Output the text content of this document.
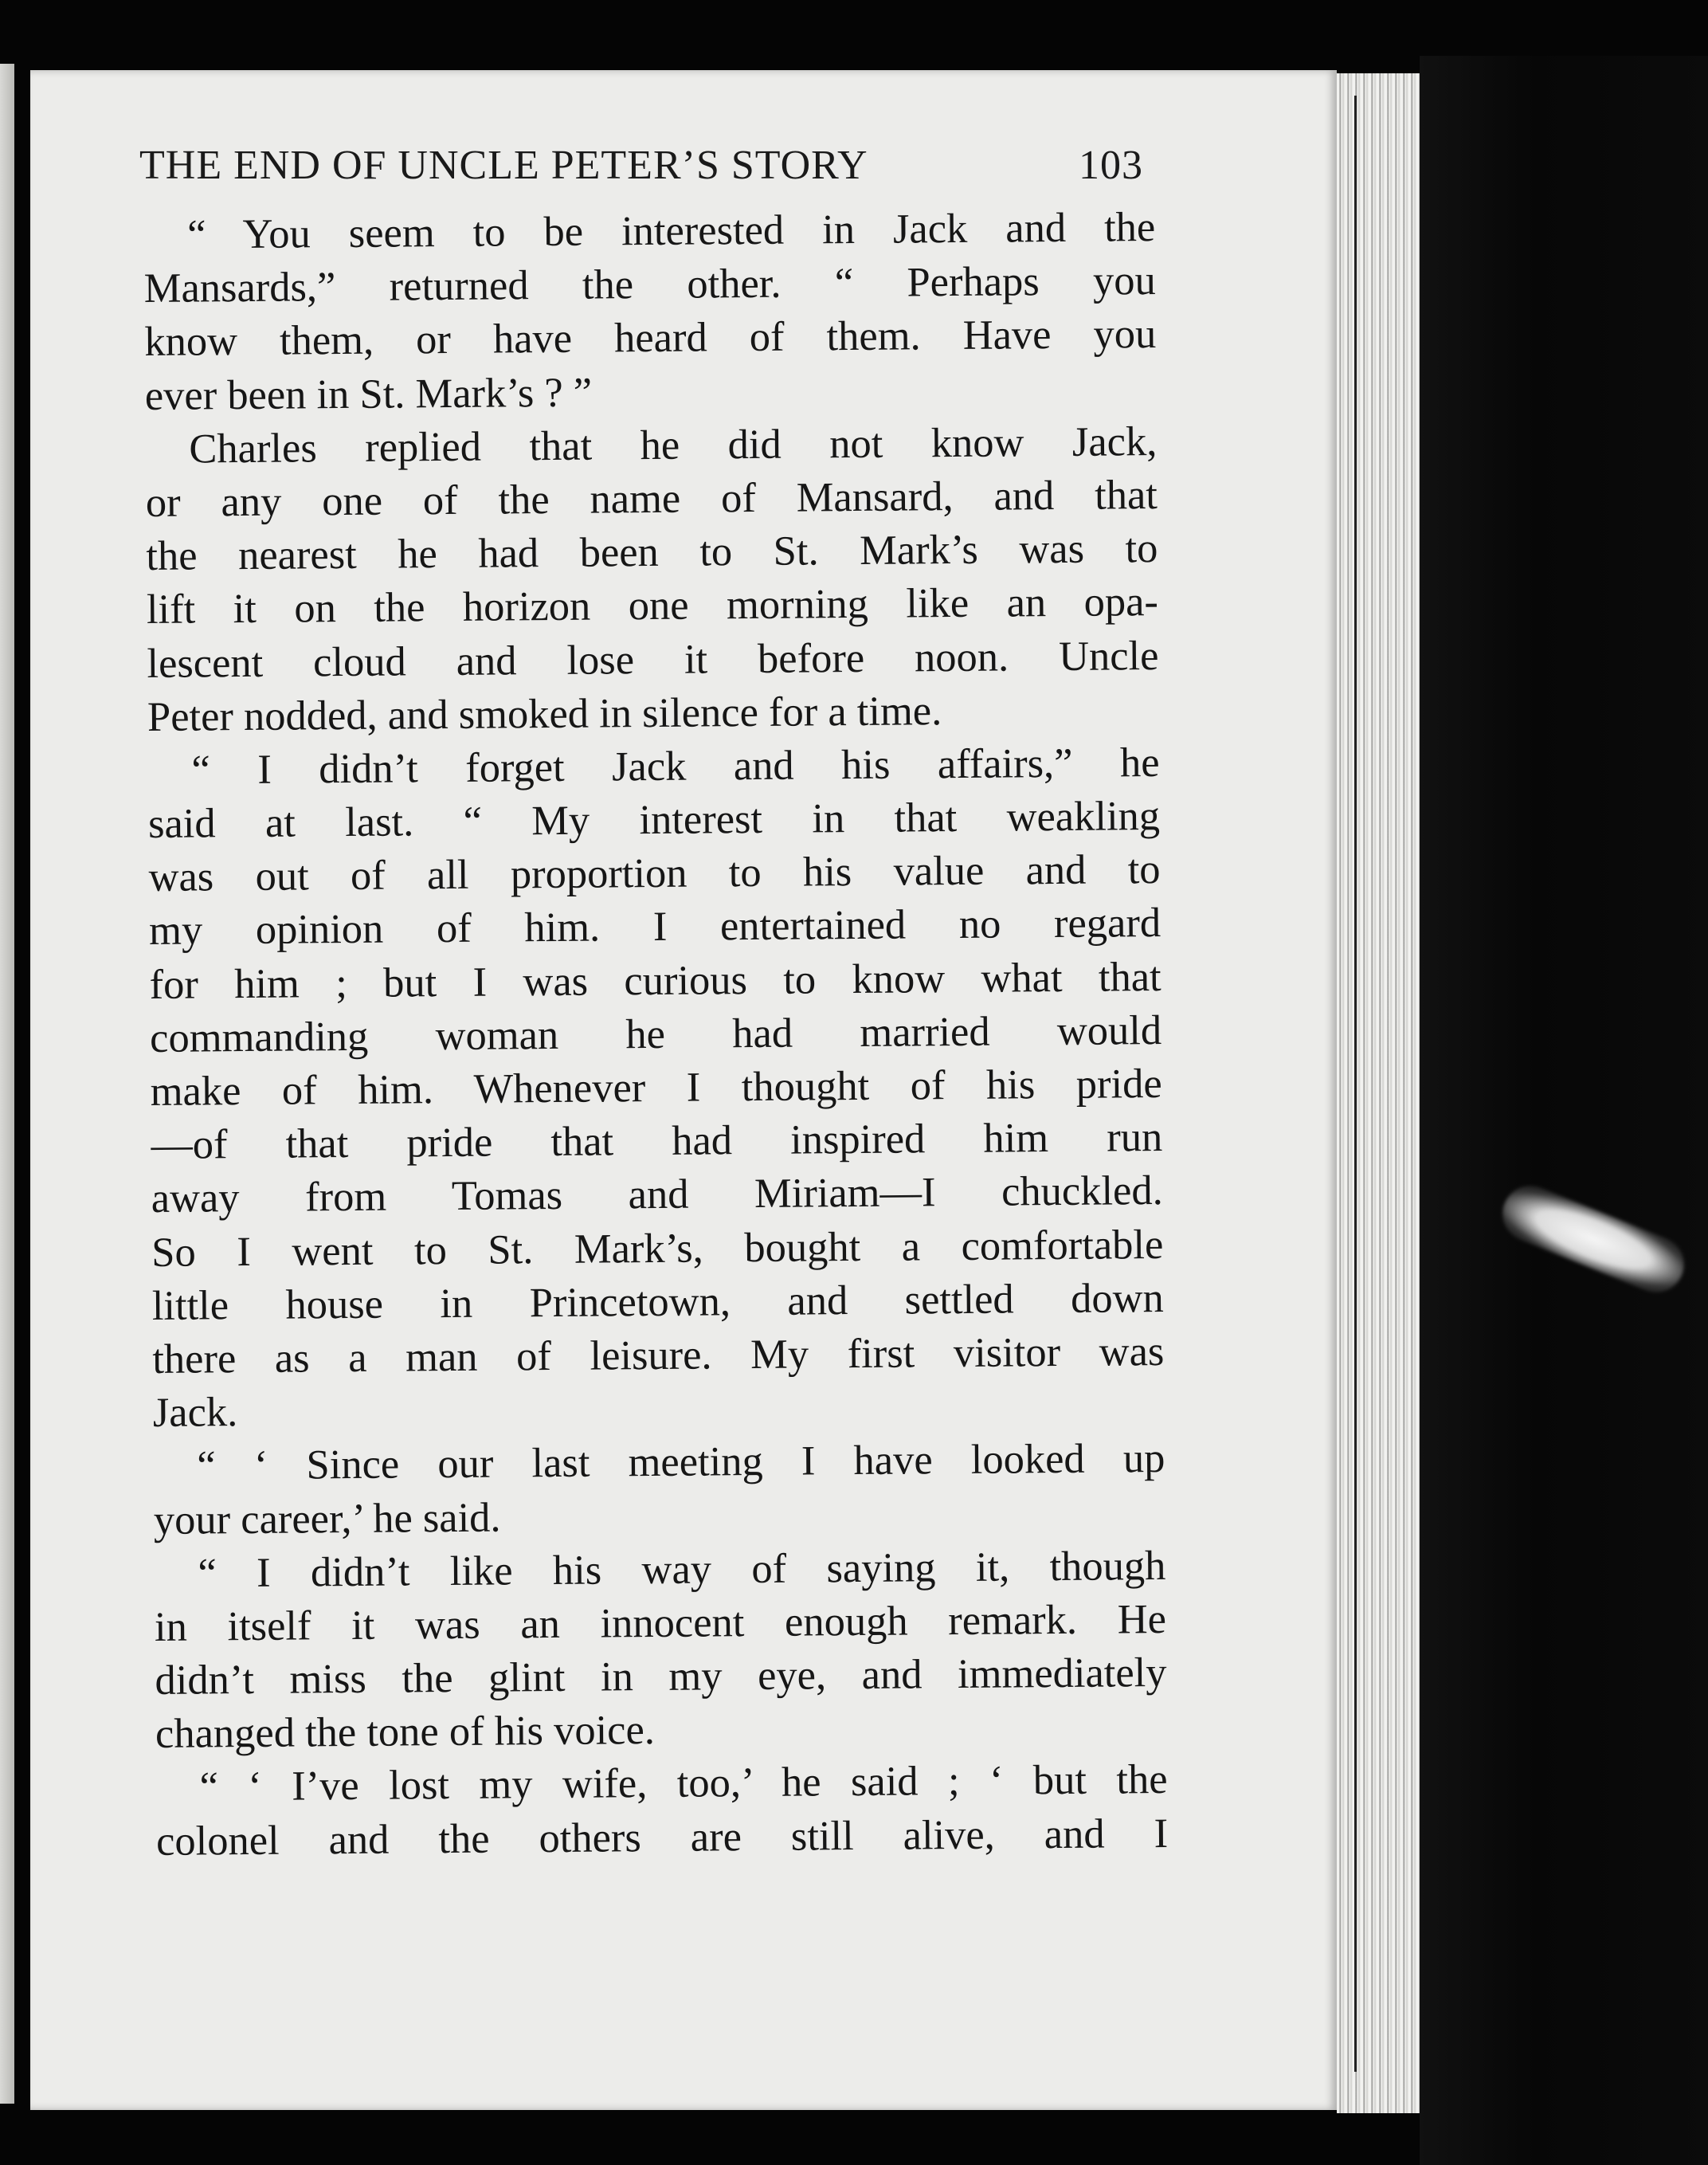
THE END OF UNCLE PETER’S STORY	103
“ You seem to be interested in Jack and the
Mansards,” returned the other. “ Perhaps you
know them, or have heard of them. Have you
ever been in St. Mark’s ? ”
Charles replied that he did not know Jack,
or any one of the name of Mansard, and that
the nearest he had been to St. Mark’s was to
lift it on the horizon one morning like an opa-
lescent cloud and lose it before noon. Uncle
Peter nodded, and smoked in silence for a time.
“ I didn’t forget Jack and his affairs,” he
said at last. “ My interest in that weakling
was out of all proportion to his value and to
my opinion of him. I entertained no regard
for him ; but I was curious to know what that
commanding woman he had married would
make of him. Whenever I thought of his pride
—of that pride that had inspired him run
away from Tomas and Miriam—I chuckled.
So I went to St. Mark’s, bought a comfortable
little house in Princetown, and settled down
there as a man of leisure. My first visitor was
Jack.
“ ‘ Since our last meeting I have looked up
your career,’ he said.
“ I didn’t like his way of saying it, though
in itself it was an innocent enough remark. He
didn’t miss the glint in my eye, and immediately
changed the tone of his voice.
“ ‘ I’ve lost my wife, too,’ he said ; ‘ but the
colonel and the others are still alive, and I
